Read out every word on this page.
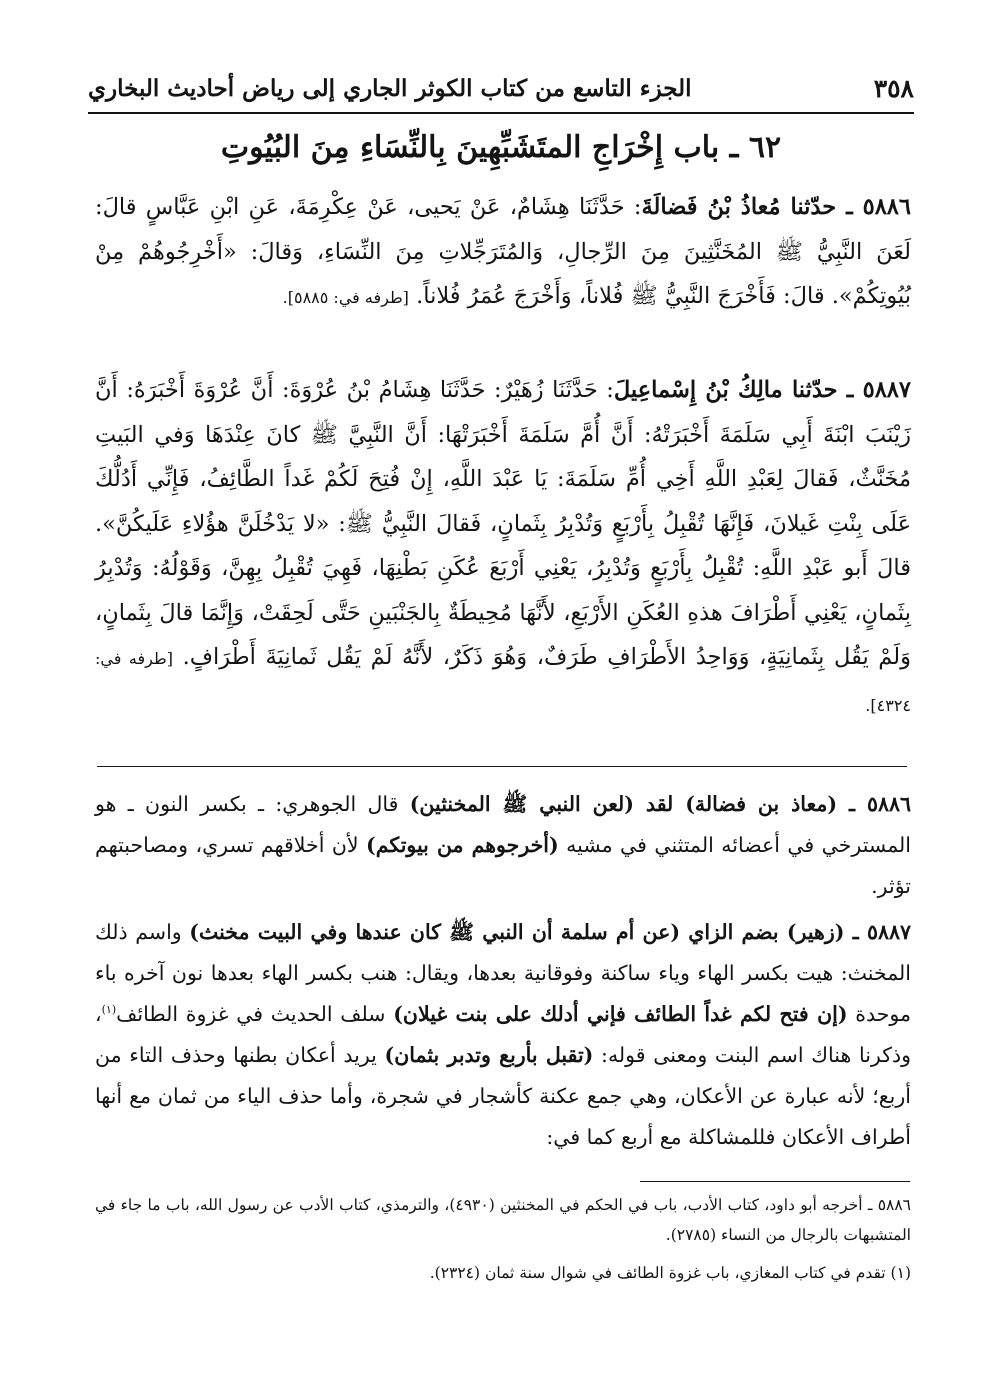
٣٥٨
الجزء التاسع من كتاب الكوثر الجاري إلى رياض أحاديث البخاري
٦٢ ـ باب إِخْرَاجِ المتَشَبِّهِينَ بِالنِّسَاءِ مِنَ البُيُوتِ

٥٨٨٦ ـ حدّثنا مُعاذُ بْنُ فَضالَةَ: حَدَّثَنَا هِشَامٌ، عَنْ يَحيى، عَنْ عِكْرِمَةَ، عَنِ ابْنِ عَبَّاسٍ قالَ: لَعَنَ النَّبِيُّ ﷺ المُخَنَّثِينَ مِنَ الرِّجالِ، وَالمُتَرَجِّلاتِ مِنَ النِّسَاءِ، وَقالَ: «أَخْرِجُوهُمْ مِنْ بُيُوتِكُمْ». قالَ: فَأَخْرَجَ النَّبِيُّ ﷺ فُلاناً، وَأَخْرَجَ عُمَرُ فُلاناً. [طرفه في: ٥٨٨٥].

٥٨٨٧ ـ حدّثنا مالِكُ بْنُ إِسْماعِيلَ: حَدَّثَنَا زُهَيْرٌ: حَدَّثَنَا هِشَامُ بْنُ عُرْوَةَ: أَنَّ عُرْوَةَ أَخْبَرَهُ: أَنَّ زَيْنَبَ ابْنَةَ أَبِي سَلَمَةَ أَخْبَرَتْهُ: أَنَّ أُمَّ سَلَمَةَ أَخْبَرَتْهَا: أَنَّ النَّبِيَّ ﷺ كانَ عِنْدَهَا وَفي البَيتِ مُخَنَّثٌ، فَقالَ لِعَبْدِ اللَّهِ أَخِي أُمِّ سَلَمَةَ: يَا عَبْدَ اللَّهِ، إِنْ فُتِحَ لَكُمْ غَداً الطَّائِفُ، فَإِنِّي أَدُلُّكَ عَلَى بِنْتِ غَيلانَ، فَإِنَّهَا تُقْبِلُ بِأَرْبَعٍ وَتُدْبِرُ بِثَمانٍ، فَقالَ النَّبِيُّ ﷺ: «لا يَدْخُلَنَّ هؤُلاءِ عَلَيكُنَّ». قالَ أَبو عَبْدِ اللَّهِ: تُقْبِلُ بِأَرْبَعٍ وَتُدْبِرُ، يَعْنِي أَرْبَعَ عُكَنِ بَطْنِهَا، فَهِيَ تُقْبِلُ بِهِنَّ، وَقَوْلُهُ: وَتُدْبِرُ بِثَمانٍ، يَعْنِي أَطْرَافَ هذهِ العُكَنِ الأَرْبَعِ، لأَنَّهَا مُحِيطَةٌ بِالجَنْبَينِ حَتَّى لَحِقَتْ، وَإِنَّمَا قالَ بِثَمانٍ، وَلَمْ يَقُل بِثَمانِيَةٍ، وَوَاحِدُ الأَطْرَافِ طَرَفٌ، وَهُوَ ذَكَرٌ، لأَنَّهُ لَمْ يَقُل ثَمانِيَةَ أَطْرَافٍ. [طرفه في: ٤٣٢٤].

٥٨٨٦ ـ (معاذ بن فضالة) لقد (لعن النبي ﷺ المخنثين) قال الجوهري: ـ بكسر النون ـ هو المسترخي في أعضائه المتثني في مشيه (أخرجوهم من بيوتكم) لأن أخلاقهم تسري، ومصاحبتهم تؤثر.

٥٨٨٧ ـ (زهير) بضم الزاي (عن أم سلمة أن النبي ﷺ كان عندها وفي البيت مخنث) واسم ذلك المخنث: هيت بكسر الهاء وياء ساكنة وفوقانية بعدها، ويقال: هنب بكسر الهاء بعدها نون آخره باء موحدة (إن فتح لكم غداً الطائف فإني أدلك على بنت غيلان) سلف الحديث في غزوة الطائف$^{(١)}$، وذكرنا هناك اسم البنت ومعنى قوله: (تقبل بأربع وتدبر بثمان) يريد أعكان بطنها وحذف التاء من أربع؛ لأنه عبارة عن الأعكان، وهي جمع عكنة كأشجار في شجرة، وأما حذف الياء من ثمان مع أنها أطراف الأعكان فللمشاكلة مع أربع كما في:

٥٨٨٦ ـ أخرجه أبو داود، كتاب الأدب، باب في الحكم في المخنثين (٤٩٣٠)، والترمذي، كتاب الأدب عن رسول الله، باب ما جاء في المتشبهات بالرجال من النساء (٢٧٨٥).

(١) تقدم في كتاب المغازي، باب غزوة الطائف في شوال سنة ثمان (٢٣٢٤).
